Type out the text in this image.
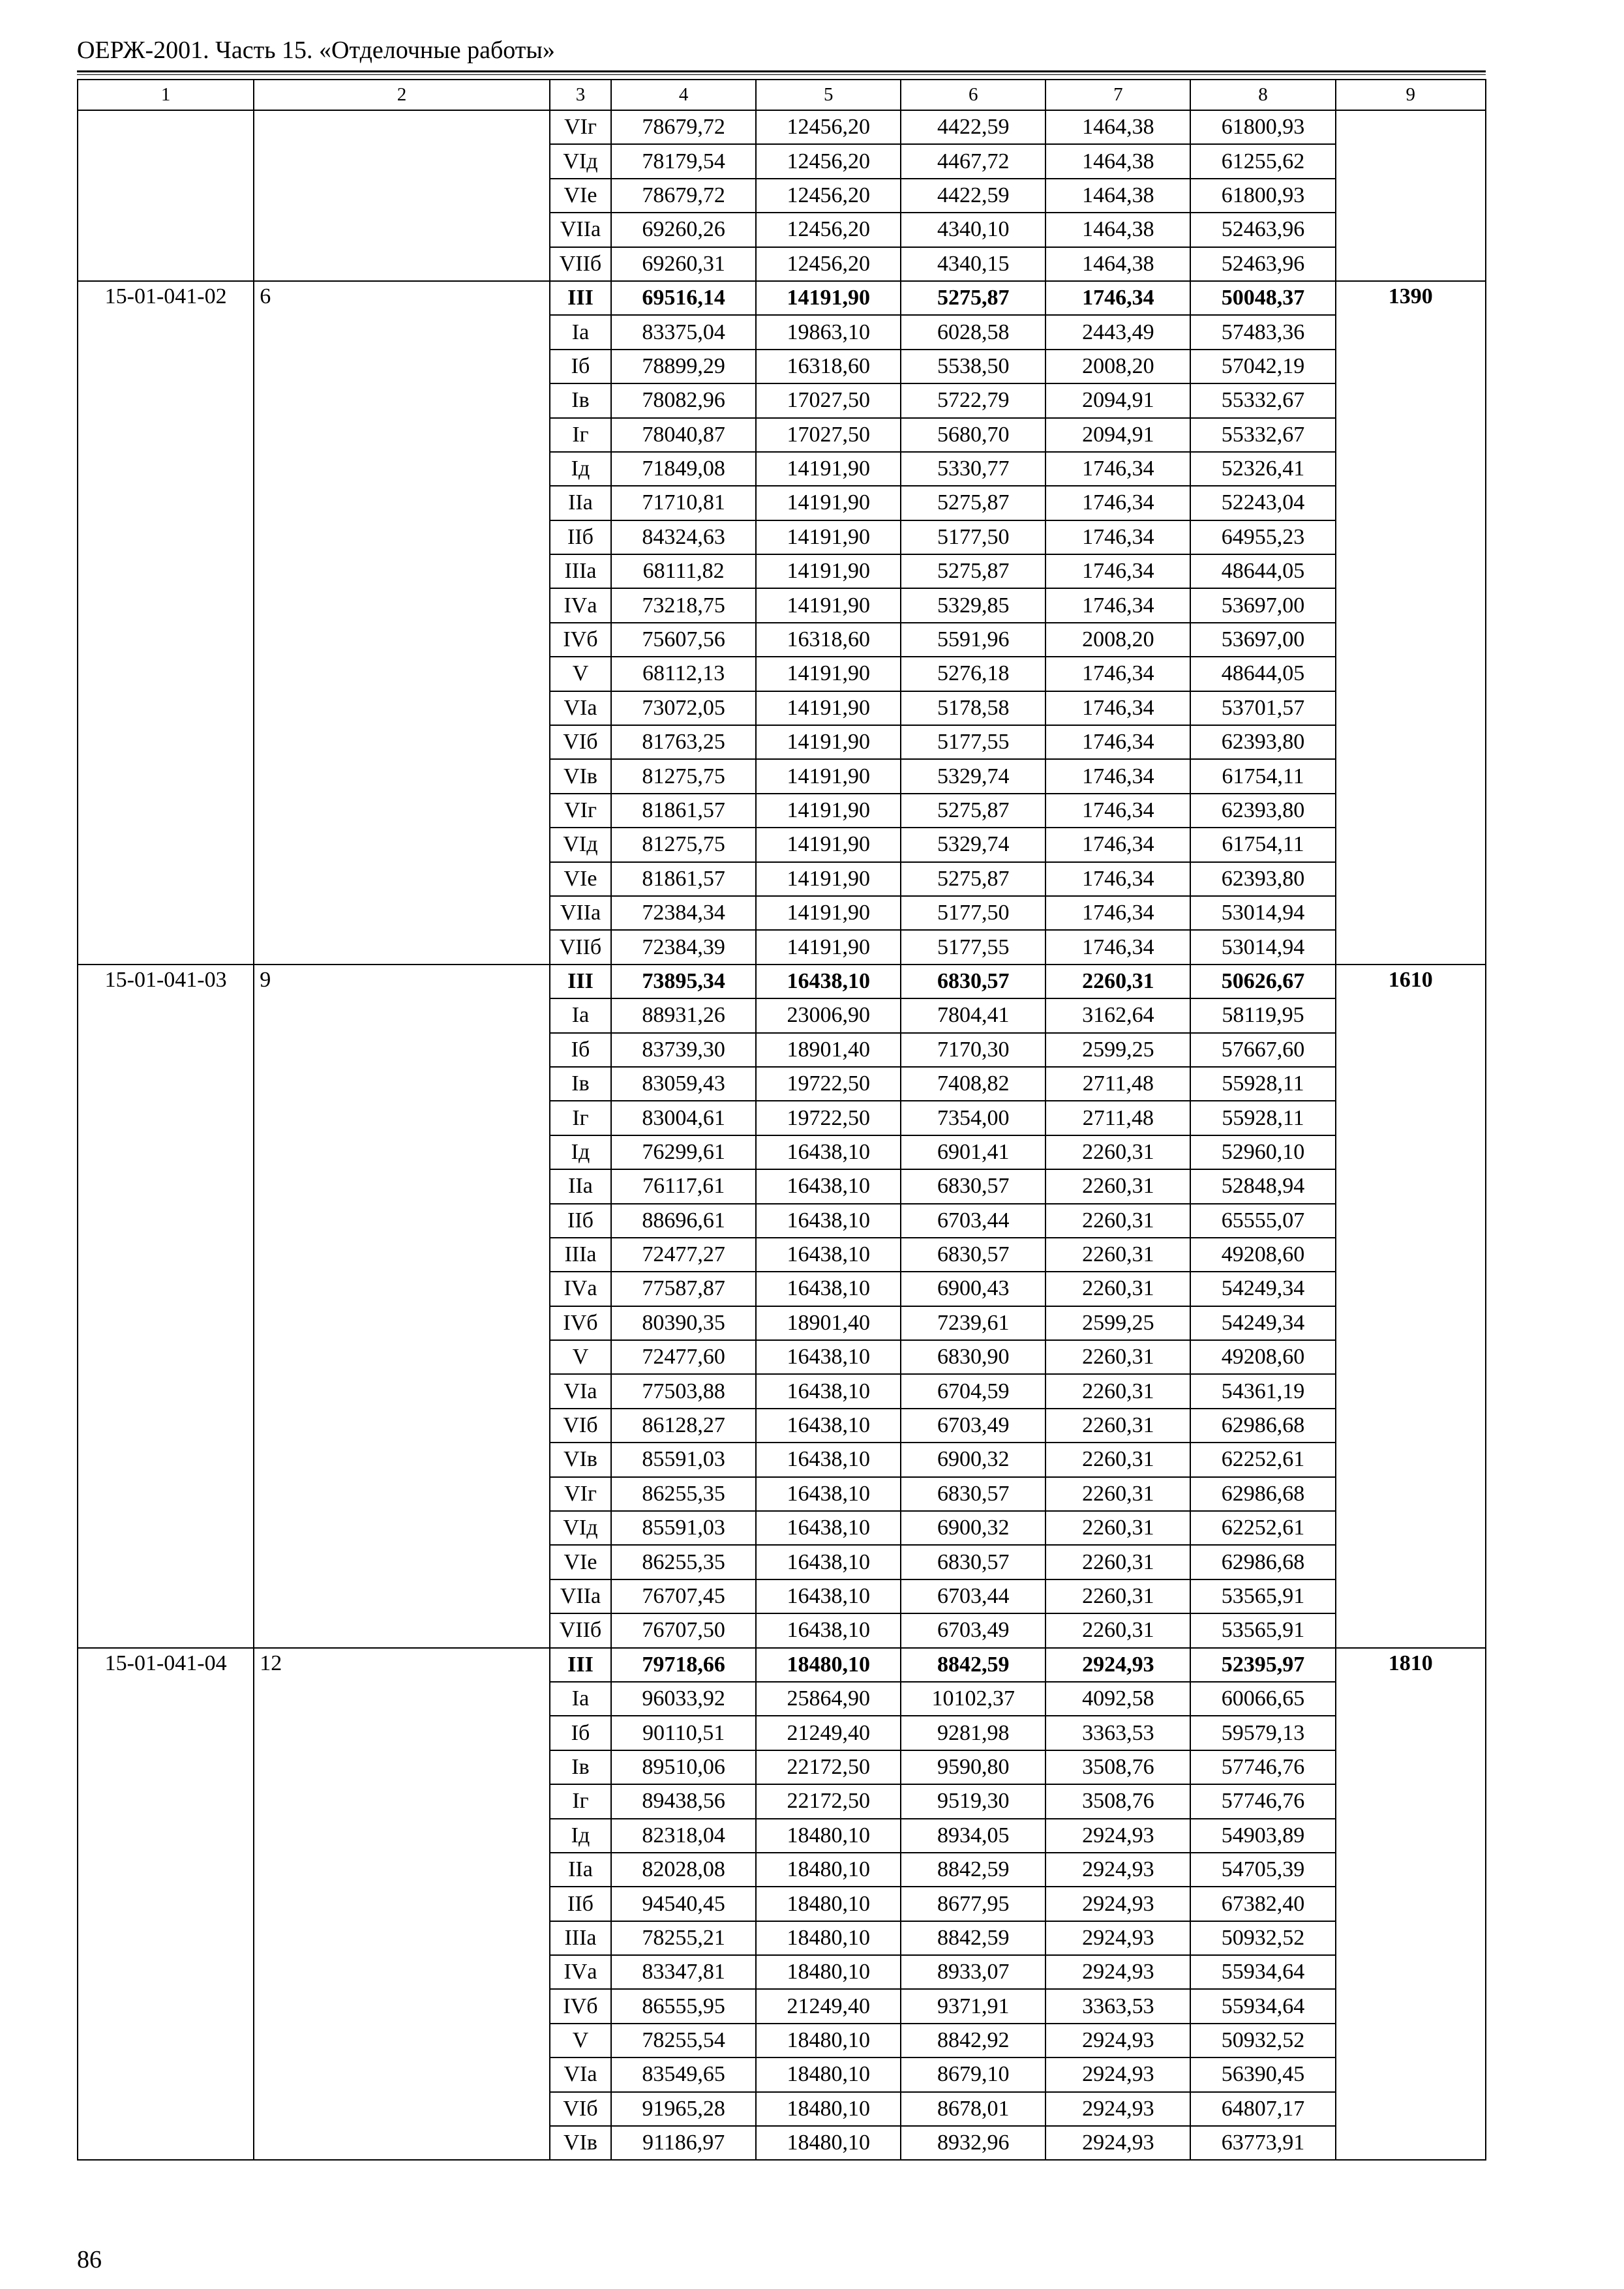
ОЕРЖ-2001. Часть 15. «Отделочные работы»
1	2	3	4	5	6	7	8	9
		VIг	78679,72	12456,20	4422,59	1464,38	61800,93	
		VIд	78179,54	12456,20	4467,72	1464,38	61255,62	
		VIе	78679,72	12456,20	4422,59	1464,38	61800,93	
		VIIа	69260,26	12456,20	4340,10	1464,38	52463,96	
		VIIб	69260,31	12456,20	4340,15	1464,38	52463,96	
15-01-041-02	6	III	69516,14	14191,90	5275,87	1746,34	50048,37	1390
		Iа	83375,04	19863,10	6028,58	2443,49	57483,36	
		Iб	78899,29	16318,60	5538,50	2008,20	57042,19	
		Iв	78082,96	17027,50	5722,79	2094,91	55332,67	
		Iг	78040,87	17027,50	5680,70	2094,91	55332,67	
		Iд	71849,08	14191,90	5330,77	1746,34	52326,41	
		IIа	71710,81	14191,90	5275,87	1746,34	52243,04	
		IIб	84324,63	14191,90	5177,50	1746,34	64955,23	
		IIIа	68111,82	14191,90	5275,87	1746,34	48644,05	
		IVа	73218,75	14191,90	5329,85	1746,34	53697,00	
		IVб	75607,56	16318,60	5591,96	2008,20	53697,00	
		V	68112,13	14191,90	5276,18	1746,34	48644,05	
		VIа	73072,05	14191,90	5178,58	1746,34	53701,57	
		VIб	81763,25	14191,90	5177,55	1746,34	62393,80	
		VIв	81275,75	14191,90	5329,74	1746,34	61754,11	
		VIг	81861,57	14191,90	5275,87	1746,34	62393,80	
		VIд	81275,75	14191,90	5329,74	1746,34	61754,11	
		VIе	81861,57	14191,90	5275,87	1746,34	62393,80	
		VIIа	72384,34	14191,90	5177,50	1746,34	53014,94	
		VIIб	72384,39	14191,90	5177,55	1746,34	53014,94	
15-01-041-03	9	III	73895,34	16438,10	6830,57	2260,31	50626,67	1610
		Iа	88931,26	23006,90	7804,41	3162,64	58119,95	
		Iб	83739,30	18901,40	7170,30	2599,25	57667,60	
		Iв	83059,43	19722,50	7408,82	2711,48	55928,11	
		Iг	83004,61	19722,50	7354,00	2711,48	55928,11	
		Iд	76299,61	16438,10	6901,41	2260,31	52960,10	
		IIа	76117,61	16438,10	6830,57	2260,31	52848,94	
		IIб	88696,61	16438,10	6703,44	2260,31	65555,07	
		IIIа	72477,27	16438,10	6830,57	2260,31	49208,60	
		IVа	77587,87	16438,10	6900,43	2260,31	54249,34	
		IVб	80390,35	18901,40	7239,61	2599,25	54249,34	
		V	72477,60	16438,10	6830,90	2260,31	49208,60	
		VIа	77503,88	16438,10	6704,59	2260,31	54361,19	
		VIб	86128,27	16438,10	6703,49	2260,31	62986,68	
		VIв	85591,03	16438,10	6900,32	2260,31	62252,61	
		VIг	86255,35	16438,10	6830,57	2260,31	62986,68	
		VIд	85591,03	16438,10	6900,32	2260,31	62252,61	
		VIе	86255,35	16438,10	6830,57	2260,31	62986,68	
		VIIа	76707,45	16438,10	6703,44	2260,31	53565,91	
		VIIб	76707,50	16438,10	6703,49	2260,31	53565,91	
15-01-041-04	12	III	79718,66	18480,10	8842,59	2924,93	52395,97	1810
		Iа	96033,92	25864,90	10102,37	4092,58	60066,65	
		Iб	90110,51	21249,40	9281,98	3363,53	59579,13	
		Iв	89510,06	22172,50	9590,80	3508,76	57746,76	
		Iг	89438,56	22172,50	9519,30	3508,76	57746,76	
		Iд	82318,04	18480,10	8934,05	2924,93	54903,89	
		IIа	82028,08	18480,10	8842,59	2924,93	54705,39	
		IIб	94540,45	18480,10	8677,95	2924,93	67382,40	
		IIIа	78255,21	18480,10	8842,59	2924,93	50932,52	
		IVа	83347,81	18480,10	8933,07	2924,93	55934,64	
		IVб	86555,95	21249,40	9371,91	3363,53	55934,64	
		V	78255,54	18480,10	8842,92	2924,93	50932,52	
		VIа	83549,65	18480,10	8679,10	2924,93	56390,45	
		VIб	91965,28	18480,10	8678,01	2924,93	64807,17	
		VIв	91186,97	18480,10	8932,96	2924,93	63773,91	
86
